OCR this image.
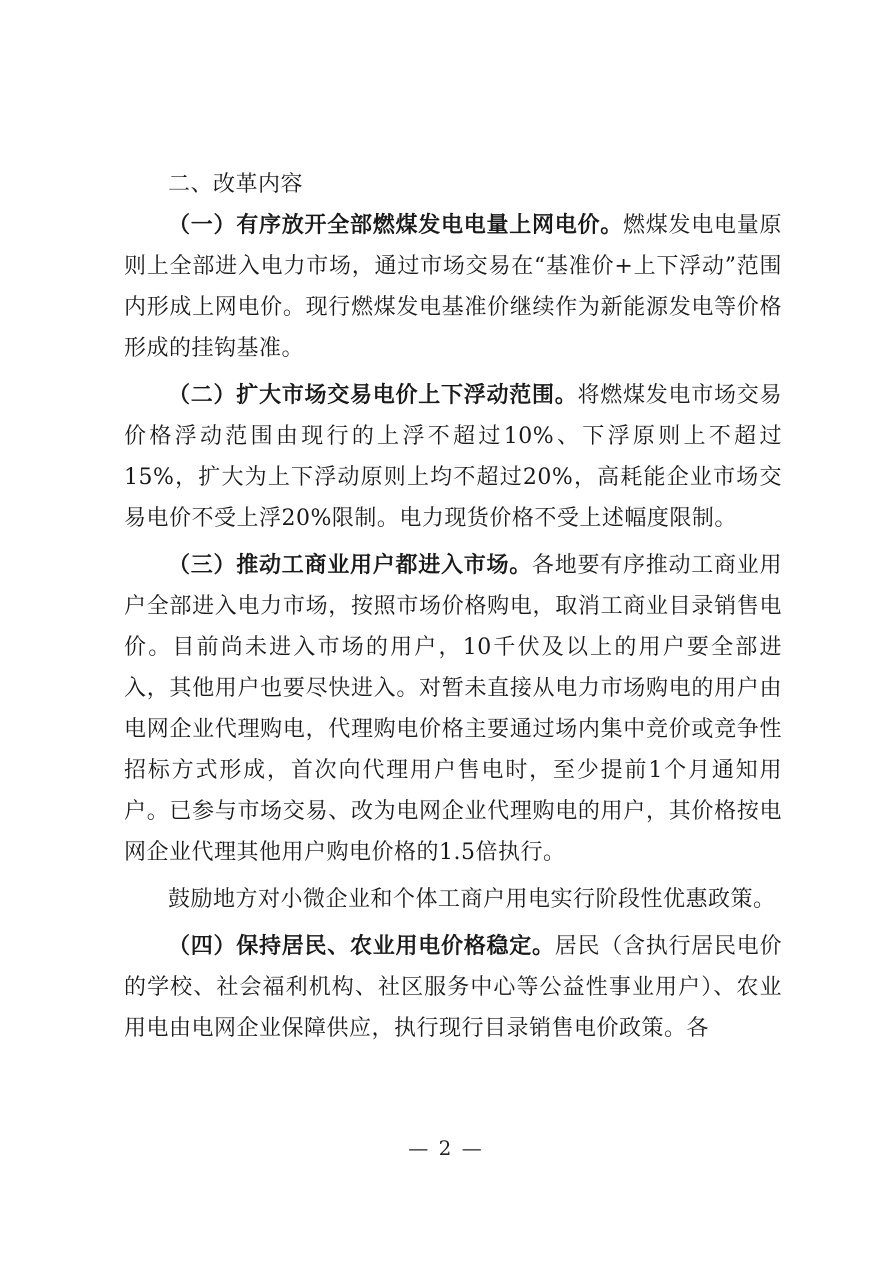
二、改革内容

（一）有序放开全部燃煤发电电量上网电价。燃煤发电电量原则上全部进入电力市场，通过市场交易在“基准价+上下浮动”范围内形成上网电价。现行燃煤发电基准价继续作为新能源发电等价格形成的挂钩基准。

（二）扩大市场交易电价上下浮动范围。将燃煤发电市场交易价格浮动范围由现行的上浮不超过10%、下浮原则上不超过15%，扩大为上下浮动原则上均不超过20%，高耗能企业市场交易电价不受上浮20%限制。电力现货价格不受上述幅度限制。

（三）推动工商业用户都进入市场。各地要有序推动工商业用户全部进入电力市场，按照市场价格购电，取消工商业目录销售电价。目前尚未进入市场的用户，10千伏及以上的用户要全部进入，其他用户也要尽快进入。对暂未直接从电力市场购电的用户由电网企业代理购电，代理购电价格主要通过场内集中竞价或竞争性招标方式形成，首次向代理用户售电时，至少提前1个月通知用户。已参与市场交易、改为电网企业代理购电的用户，其价格按电网企业代理其他用户购电价格的1.5倍执行。

鼓励地方对小微企业和个体工商户用电实行阶段性优惠政策。

（四）保持居民、农业用电价格稳定。居民（含执行居民电价的学校、社会福利机构、社区服务中心等公益性事业用户）、农业用电由电网企业保障供应，执行现行目录销售电价政策。各

— 2 —
